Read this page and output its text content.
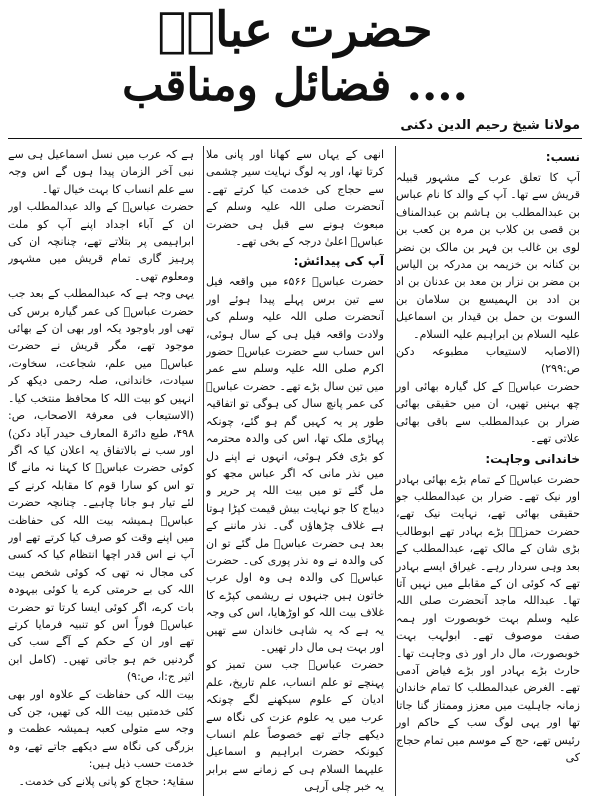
حضرت عباسؓ
.... فضائل ومناقب
مولانا شیخ رحیم الدین دکنی
نسب:

آپ کا تعلق عرب کے مشہور قبیلہ قریش سے تھا۔ آپ کے والد کا نام عباس بن عبدالمطلب بن ہاشم بن عبدالمناف بن قصی بن کلاب بن مرہ بن کعب بن لوی بن غالب بن فہر بن مالک بن نضر بن کنانہ بن خزیمہ بن مدرکہ بن الیاس بن مضر بن نزار بن معد بن عدنان بن اد بن ادد بن الہمیسع بن سلامان بن السوت بن حمل بن قیدار بن اسماعیل علیہ السلام بن ابراہیم علیہ السلام۔

(الاصابہ لاستیعاب مطبوعہ دکن ص:۲۹۹)

حضرت عباسؓ کے کل گیارہ بھائی اور چھ بہنیں تھیں، ان میں حقیقی بھائی ضرار بن عبدالمطلب سے باقی بھائی علاتی تھے۔

خاندانی وجاہت:

حضرت عباسؓ کے تمام بڑے بھائی بہادر اور نیک تھے۔ ضرار بن عبدالمطلب جو حقیقی بھائی تھے، نہایت نیک تھے، حضرت حمزہؓ بڑے بہادر تھے ابوطالب بڑی شان کے مالک تھے، عبدالمطلب کے بعد وہی سردار رہے۔ غیراق ایسے بہادر تھے کہ کوئی ان کے مقابلے میں نہیں آتا تھا۔ عبداللہ ماجد آنحضرت صلی اللہ علیہ وسلم بہت خوبصورت اور ہمہ صفت موصوف تھے۔ ابولہب بہت خوبصورت، مال دار اور ذی وجاہت تھا۔ حارث بڑے بہادر اور بڑے فیاض آدمی تھے۔ الغرض عبدالمطلب کا تمام خاندان زمانہ جاہلیت میں معزز وممتاز گنا جاتا تھا اور یہی لوگ سب کے حاکم اور رئیس تھے، حج کے موسم میں تمام حجاج کی

انھی کے یہاں سے کھانا اور پانی ملا کرتا تھا، اور یہ لوگ نہایت سیر چشمی سے حجاج کی خدمت کیا کرتے تھے۔ آنحضرت صلی اللہ علیہ وسلم کے مبعوث ہونے سے قبل ہی حضرت عباسؓ اعلیٰ درجہ کے بخی تھے۔

آپ کی پیدائش:

حضرت عباسؓ ۵۶۶ء میں واقعہ فیل سے تین برس پہلے پیدا ہوئے اور آنحضرت صلی اللہ علیہ وسلم کی ولادت واقعہ فیل ہی کے سال ہوئی، اس حساب سے حضرت عباسؓ حضور اکرم صلی اللہ علیہ وسلم سے عمر میں تین سال بڑے تھے۔ حضرت عباسؓ کی عمر پانچ سال کی ہوگی تو اتفاقیہ طور پر یہ کہیں گم ہو گئے، چونکہ پہاڑی ملک تھا، اس کی والدہ محترمہ کو بڑی فکر ہوئی، انہوں نے اپنے دل میں نذر مانی کہ اگر عباس مجھ کو مل گئے تو میں بیت اللہ پر حریر و دیباج کا جو نہایت بیش قیمت کپڑا ہوتا ہے غلاف چڑھاؤں گی۔ نذر ماننے کے بعد ہی حضرت عباسؓ مل گئے تو ان کی والدہ نے وہ نذر پوری کی۔ حضرت عباسؓ کی والدہ ہی وہ اول عرب خاتون ہیں جنہوں نے ریشمی کپڑے کا غلاف بیت اللہ کو اوڑھایا، اس کی وجہ یہ ہے کہ یہ شاہی خاندان سے تھیں اور بہت ہی مال دار تھیں۔

حضرت عباسؓ جب سن تمیز کو پہنچے تو علم انساب، علم تاریخ، علم ادیان کے علوم سیکھنے لگے چونکہ عرب میں یہ علوم عزت کی نگاہ سے دیکھے جاتے تھے خصوصاً علم انساب کیونکہ حضرت ابراہیم و اسماعیل علیہما السلام ہی کے زمانے سے برابر یہ خبر چلی آرہی

ہے کہ عرب میں نسل اسماعیل ہی سے نبی آخر الزمان پیدا ہوں گے اس وجہ سے علم انساب کا بہت خیال تھا۔

حضرت عباسؓ کے والد عبدالمطلب اور ان کے آباء اجداد اپنے آپ کو ملت ابراہیمی پر بتلاتے تھے، چنانچہ ان کی پرہیز گاری تمام قریش میں مشہور ومعلوم تھی۔

یہی وجہ ہے کہ عبدالمطلب کے بعد جب حضرت عباسؓ کی عمر گیارہ برس کی تھی اور باوجود یکہ اور بھی ان کے بھائی موجود تھے، مگر قریش نے حضرت عباسؓ میں علم، شجاعت، سخاوت، سیادت، خاندانی، صلہ رحمی دیکھ کر انہیں کو بیت اللہ کا محافظ منتخب کیا۔ (الاستیعاب فی معرفۃ الاصحاب، ص: ۴۹۸، طبع دائرۃ المعارف حیدر آباد دکن) اور سب نے بالاتفاق یہ اعلان کیا کہ اگر کوئی حضرت عباسؓ کا کہنا نہ مانے گا تو اس کو سارا قوم کا مقابلہ کرنے کے لئے تیار ہو جانا چاہیے۔ چنانچہ حضرت عباسؓ ہمیشہ بیت اللہ کی حفاظت میں اپنے وقت کو صرف کیا کرتے تھے اور آپ نے اس قدر اچھا انتظام کیا کہ کسی کی مجال نہ تھی کہ کوئی شخص بیت اللہ کی بے حرمتی کرے یا کوئی بیہودہ بات کرے، اگر کوئی ایسا کرتا تو حضرت عباسؓ فوراً اس کو تنبیہ فرمایا کرتے تھے اور ان کے حکم کے آگے سب کی گردنیں خم ہو جاتی تھیں۔ (کامل ابن اثیر ج:ا، ص:۹)

بیت اللہ کی حفاظت کے علاوہ اور بھی کئی خدمتیں بیت اللہ کی تھیں، جن کی وجہ سے متولی کعبہ ہمیشہ عظمت و بزرگی کی نگاہ سے دیکھے جاتے تھے، وہ خدمت حسب ذیل ہیں:

سقایۃ: حجاج کو پانی پلانے کی خدمت۔
